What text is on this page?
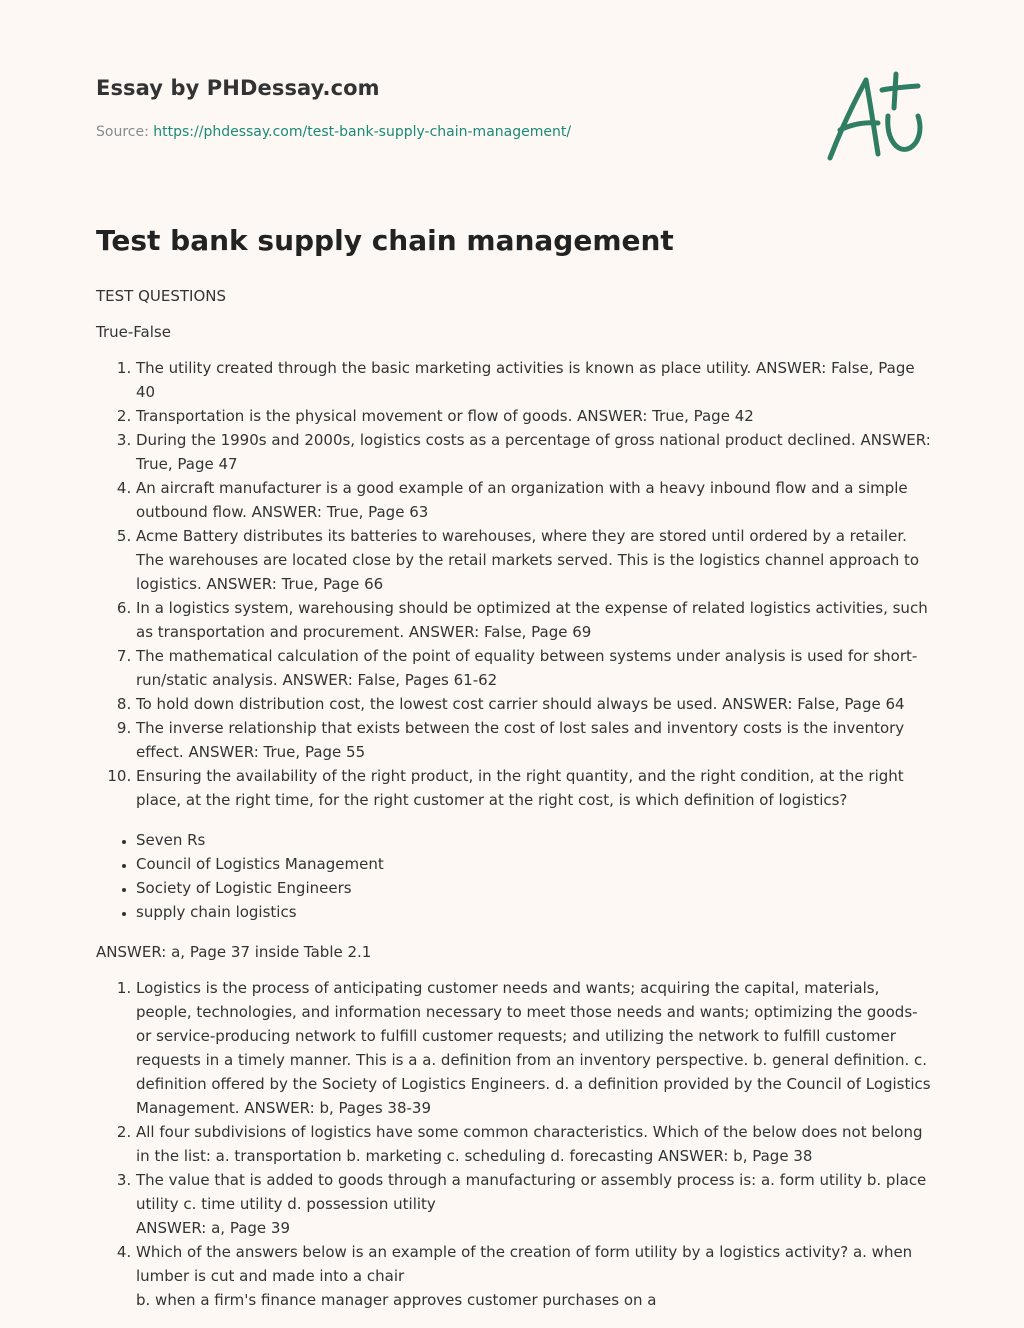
Essay by PHDessay.com
Source: https://phdessay.com/test-bank-supply-chain-management/
Test bank supply chain management

TEST QUESTIONS

True-False

1. The utility created through the basic marketing activities is known as place utility. ANSWER: False, Page 40
2. Transportation is the physical movement or flow of goods. ANSWER: True, Page 42
3. During the 1990s and 2000s, logistics costs as a percentage of gross national product declined. ANSWER: True, Page 47
4. An aircraft manufacturer is a good example of an organization with a heavy inbound flow and a simple outbound flow. ANSWER: True, Page 63
5. Acme Battery distributes its batteries to warehouses, where they are stored until ordered by a retailer. The warehouses are located close by the retail markets served. This is the logistics channel approach to logistics. ANSWER: True, Page 66
6. In a logistics system, warehousing should be optimized at the expense of related logistics activities, such as transportation and procurement. ANSWER: False, Page 69
7. The mathematical calculation of the point of equality between systems under analysis is used for short-run/static analysis. ANSWER: False, Pages 61-62
8. To hold down distribution cost, the lowest cost carrier should always be used. ANSWER: False, Page 64
9. The inverse relationship that exists between the cost of lost sales and inventory costs is the inventory effect. ANSWER: True, Page 55
10. Ensuring the availability of the right product, in the right quantity, and the right condition, at the right place, at the right time, for the right customer at the right cost, is which definition of logistics?
• Seven Rs
• Council of Logistics Management
• Society of Logistic Engineers
• supply chain logistics

ANSWER: a, Page 37 inside Table 2.1

1. Logistics is the process of anticipating customer needs and wants; acquiring the capital, materials, people, technologies, and information necessary to meet those needs and wants; optimizing the goods- or service-producing network to fulfill customer requests; and utilizing the network to fulfill customer requests in a timely manner. This is a a. definition from an inventory perspective. b. general definition. c. definition offered by the Society of Logistics Engineers. d. a definition provided by the Council of Logistics Management. ANSWER: b, Pages 38-39
2. All four subdivisions of logistics have some common characteristics. Which of the below does not belong in the list: a. transportation b. marketing c. scheduling d. forecasting ANSWER: b, Page 38
3. The value that is added to goods through a manufacturing or assembly process is: a. form utility b. place utility c. time utility d. possession utility
ANSWER: a, Page 39
4. Which of the answers below is an example of the creation of form utility by a logistics activity? a. when lumber is cut and made into a chair
b. when a firm's finance manager approves customer purchases on a
